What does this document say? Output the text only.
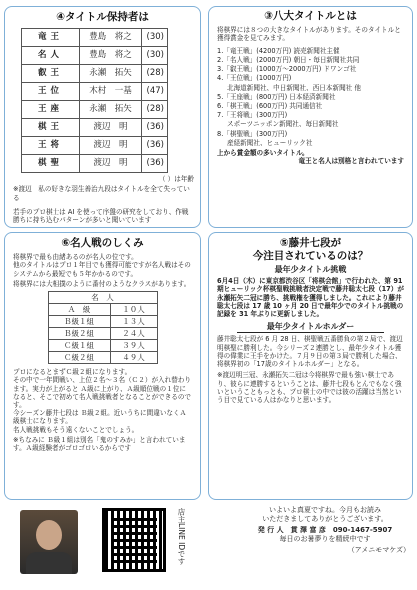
④タイトル保持者は
竜王	豊島　将之	(30)
名人	豊島　将之	(30)
叡王	永瀬　拓矢	(28)
王位	木村　一基	(47)
王座	永瀬　拓矢	(28)
棋王	渡辺　明	(36)
王将	渡辺　明	(36)
棋聖	渡辺　明	(36)
（ ）は年齢
※渡辺　私の好きな羽生善治九段はタイトルを全て失っている
若手のプロ棋士は AI を使って序盤の研究をしており、作戦勝ちに持ち込むパターンが多いと聞いています
③八大タイトルとは
将棋界には８つの大きなタイトルがあります。そのタイトルと獲得賞金を見てみます。
1.「竜王戦」(4200万円) 読売新聞社主催
2.「名人戦」(2000万円) 朝日・毎日新聞社共同
3.「叡王戦」(1000万〜2000万円) ドワンゴ社
4.「王位戦」(1000万円)
北海道新聞社、中日新聞社、西日本新聞社 他
5.「王座戦」(800万円) 日本経済新聞社
6.「棋王戦」(600万円) 共同通信社
7.「王将戦」(300万円)
スポーツニッポン新聞社、毎日新聞社
8.「棋聖戦」(300万円)
産経新聞社、ヒューリック社
上から賞金額の多いタイトル。
竜王と名人は別格と言われています
⑥名人戦のしくみ
将棋界で最も由緒あるのが名人の位です。
他のタイトルはプロ１年目でも獲得可能ですが名人戦はそのシステムから最短でも５年かかるのです。
将棋界には大相撲のように番付のようなクラスがあります。
名　人	
Ａ　級	１０人
Ｂ級１組	１３人
Ｂ級２組	２４人
Ｃ級１組	３９人
Ｃ級２組	４９人
プロになるとまずＣ級２組になります。
その中で一年間戦い、上位２名〜３名（Ｃ２）が入れ替わります。実力が上がると Ａ級に上がり、Ａ級順位戦の１位になると、そこで初めて名人戦挑戦者となることができるのです。
今シーズン藤井七段は Ｂ級２組。近いうちに間違いなくＡ級棋士になります。
名人戦挑戦もそう遠くないことでしょう。
※ちなみに Ｂ級１組は別名「鬼のすみか」と言われています。Ａ級経験者がゴロゴロいるからです
⑤藤井七段が
今注目されているのは？
最年少タイトル挑戦
6月4日（木）に東京都渋谷区「将棋会館」で行われた、第 91 期ヒューリック杯棋聖戦挑戦者決定戦で藤井聡太七段（17）が永瀬拓矢二冠に勝ち、挑戦権を獲得しました。これにより藤井聡太七段は 17 歳 10 ヶ月 20 日で最年少でのタイトル挑戦の記録を 31 年ぶりに更新しました。
最年少タイトルホルダー
藤井聡太七段が 6 月 28 日、棋聖戦五番勝負の第２局で、渡辺明棋聖に勝利した。今シリーズ２連勝とし、最年少タイトル獲得の偉業に王手をかけた。７月９日の第３局で勝利した場合、将棋界初の「17歳のタイトルホルダー」となる。
※渡辺明三冠、永瀬拓矢二冠は今将棋界で最も強い棋士であり、彼らに連勝するということは、藤井七段もとんでもなく強いということもっとも、プロ棋士の中では彼の活躍は当然という目で見ている人はかなりと思います。
店主LINE IDです	いよいよ真夏ですね。今月もお読み
いただきましてありがとうございます。
発 行 人　貫 澤 富 彦　090-1467-5907
毎日のお暑夢りを精続中です
（アメニモマケズ）
